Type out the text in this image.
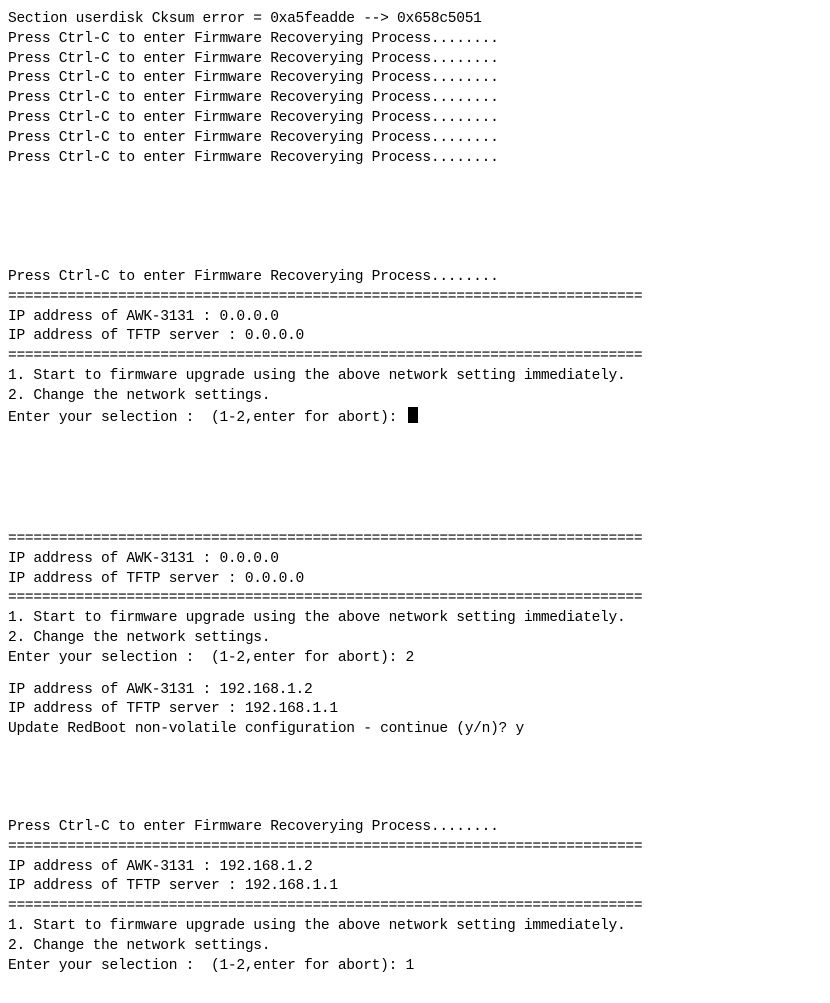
Section userdisk Cksum error = 0xa5feadde --> 0x658c5051
Press Ctrl-C to enter Firmware Recoverying Process........
Press Ctrl-C to enter Firmware Recoverying Process........
Press Ctrl-C to enter Firmware Recoverying Process........
Press Ctrl-C to enter Firmware Recoverying Process........
Press Ctrl-C to enter Firmware Recoverying Process........
Press Ctrl-C to enter Firmware Recoverying Process........
Press Ctrl-C to enter Firmware Recoverying Process........
Press Ctrl-C to enter Firmware Recoverying Process........
===========================================================================
IP address of AWK-3131 : 0.0.0.0
IP address of TFTP server : 0.0.0.0
===========================================================================
1. Start to firmware upgrade using the above network setting immediately.
2. Change the network settings.
Enter your selection :  (1-2,enter for abort):
===========================================================================
IP address of AWK-3131 : 0.0.0.0
IP address of TFTP server : 0.0.0.0
===========================================================================
1. Start to firmware upgrade using the above network setting immediately.
2. Change the network settings.
Enter your selection :  (1-2,enter for abort): 2
IP address of AWK-3131 : 192.168.1.2
IP address of TFTP server : 192.168.1.1
Update RedBoot non-volatile configuration - continue (y/n)? y
Press Ctrl-C to enter Firmware Recoverying Process........
===========================================================================
IP address of AWK-3131 : 192.168.1.2
IP address of TFTP server : 192.168.1.1
===========================================================================
1. Start to firmware upgrade using the above network setting immediately.
2. Change the network settings.
Enter your selection :  (1-2,enter for abort): 1
